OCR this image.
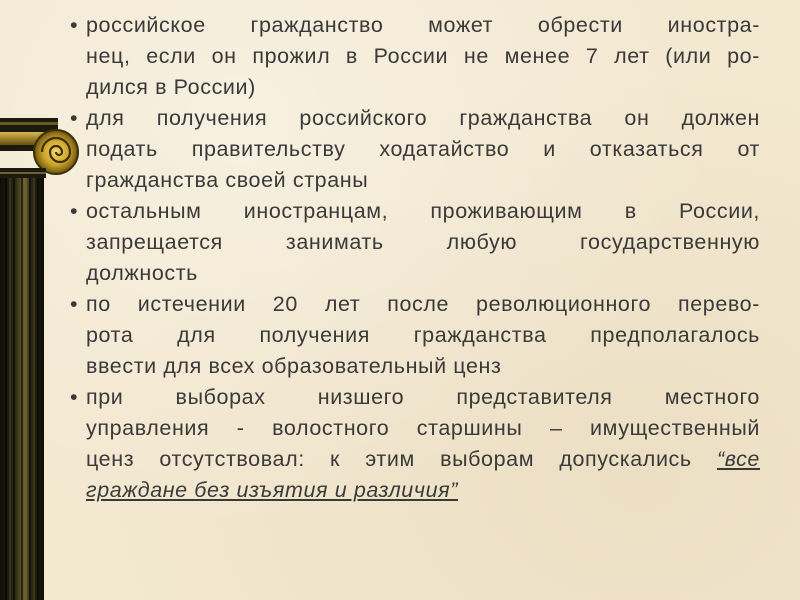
• российское гражданство может обрести иностра-
нец, если он прожил в России не менее 7 лет (или ро-
дился в России)
• для получения российского гражданства он должен
подать правительству ходатайство и отказаться от
гражданства своей страны
• остальным иностранцам, проживающим в России,
запрещается занимать любую государственную
должность
• по истечении 20 лет после революционного перево-
рота для получения гражданства предполагалось
ввести для всех образовательный ценз
• при выборах низшего представителя местного
управления - волостного старшины – имущественный
ценз отсутствовал: к этим выборам допускались “все
граждане без изъятия и различия”
